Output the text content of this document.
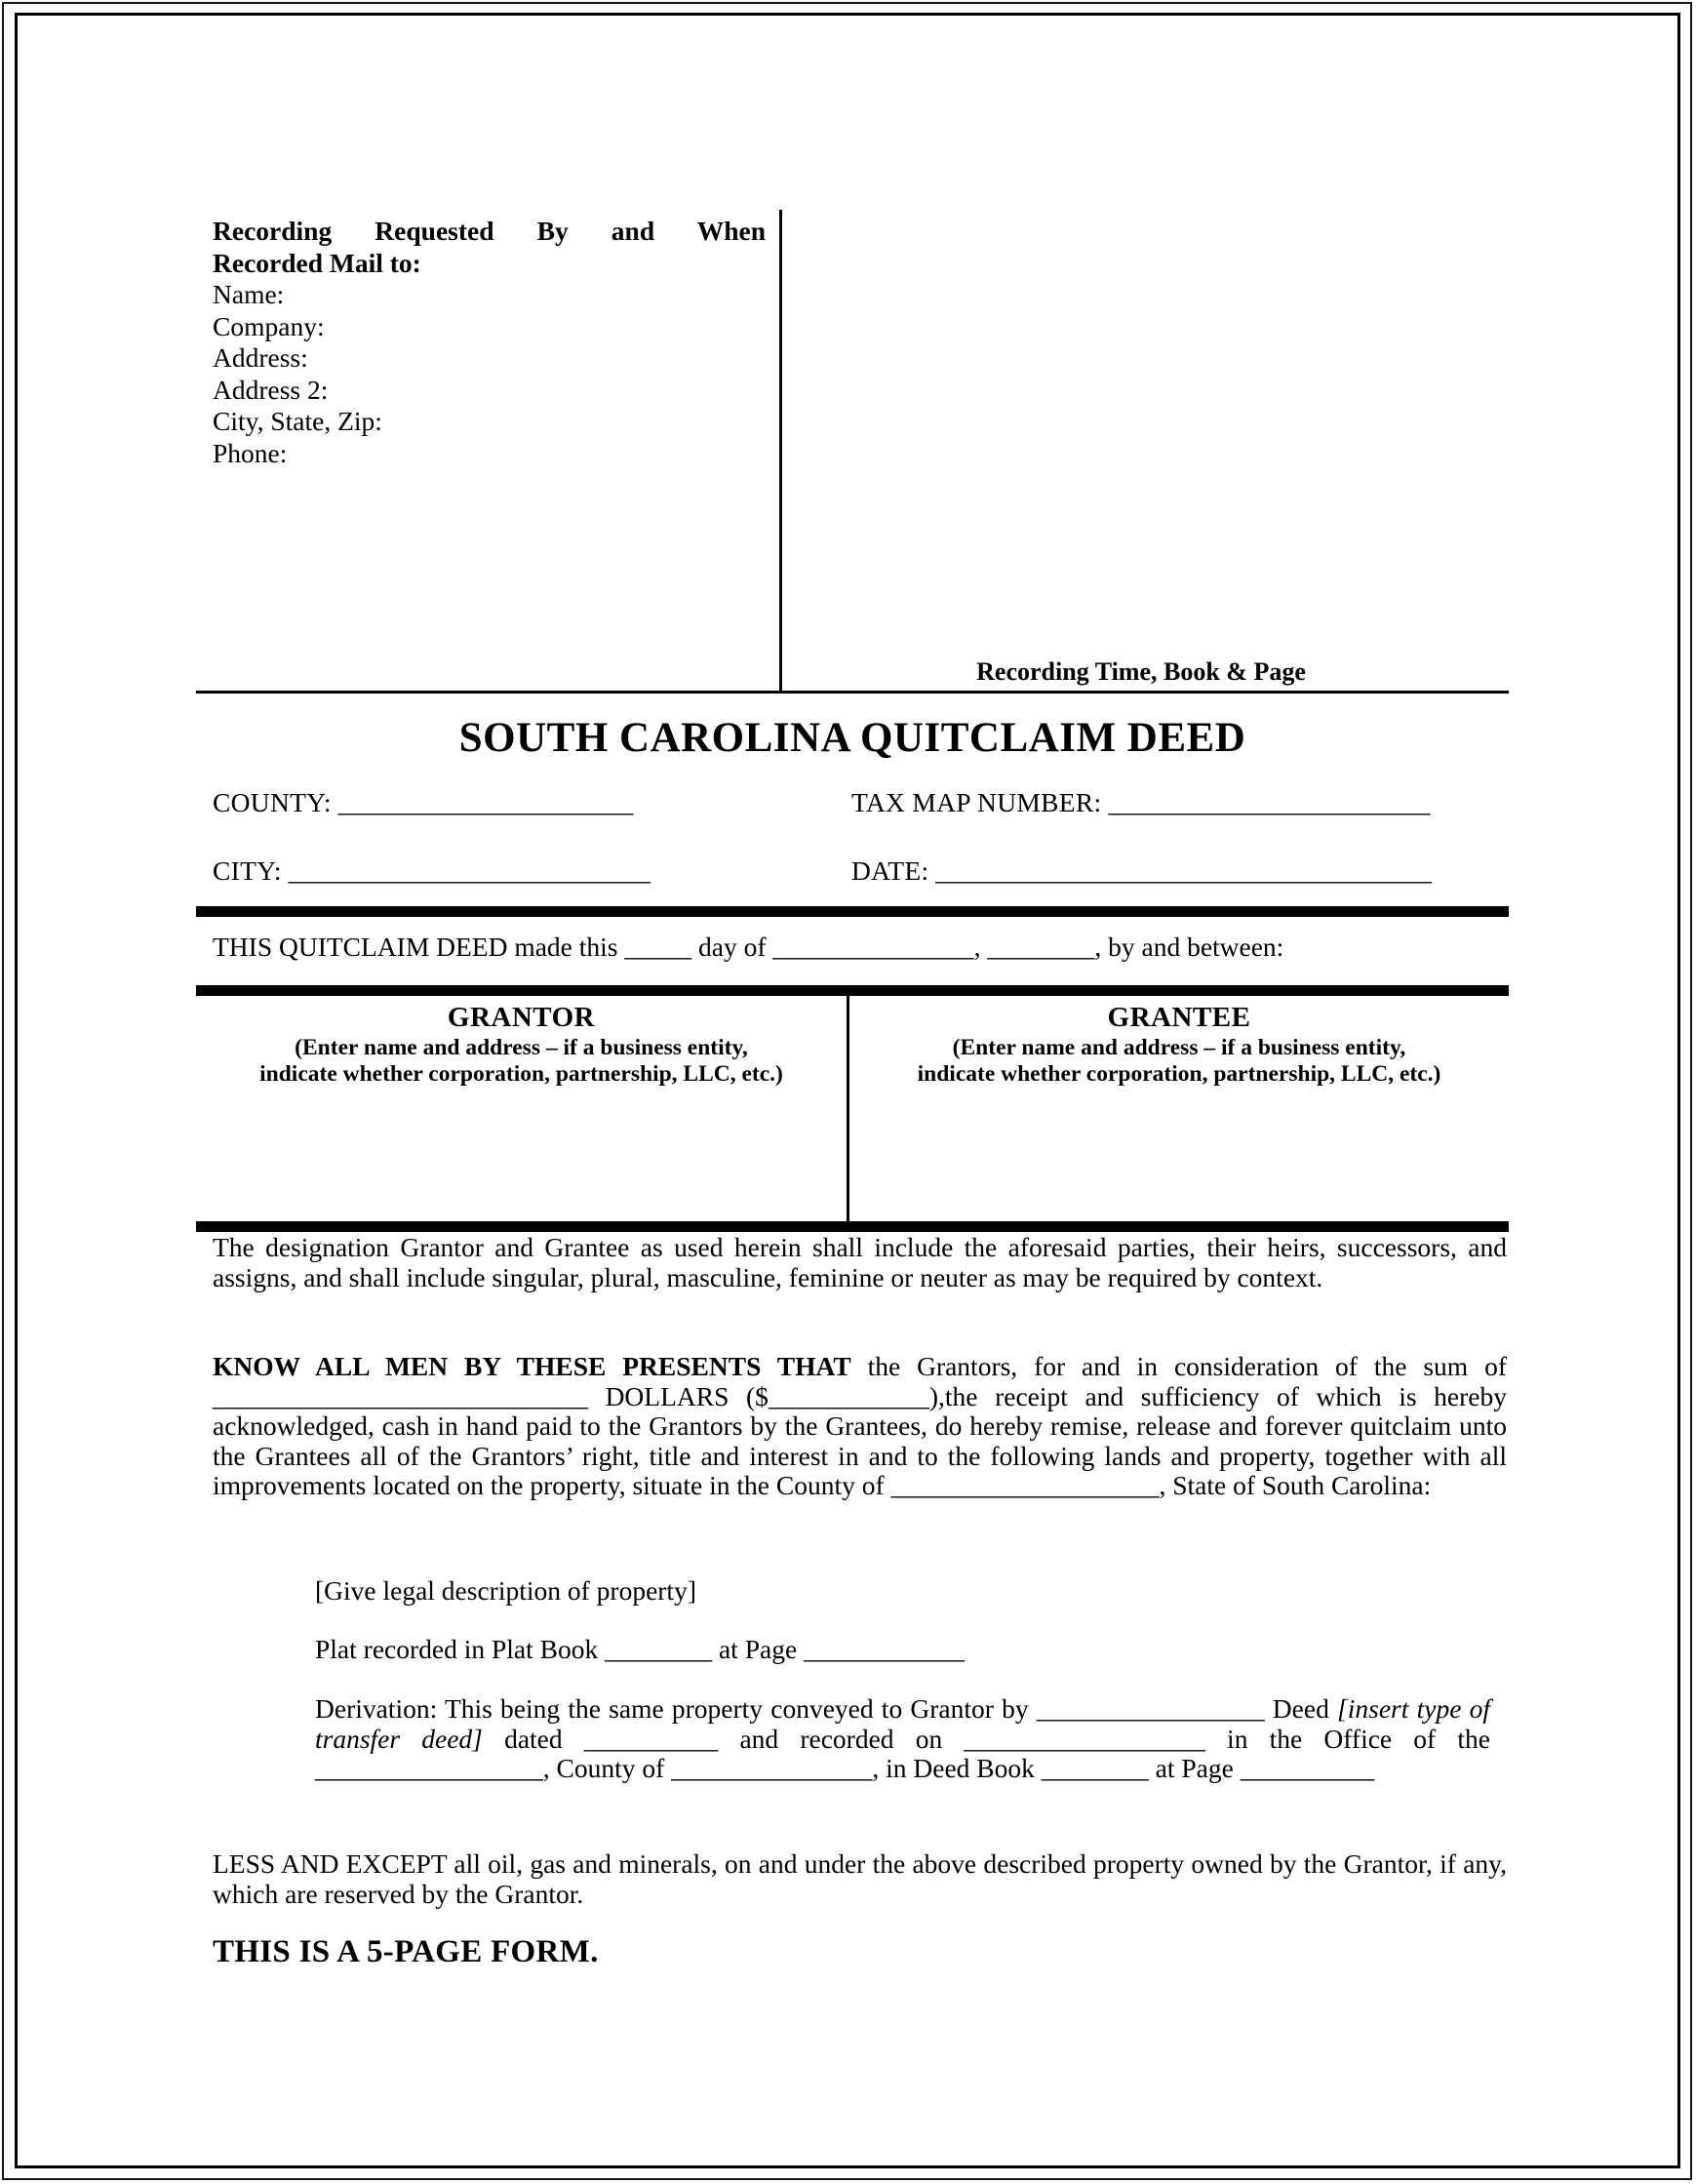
Recording Requested By and When
Recorded Mail to:
Name:
Company:
Address:
Address 2:
City, State, Zip:
Phone:
Recording Time, Book & Page
SOUTH CAROLINA QUITCLAIM DEED
COUNTY: ______________________	TAX MAP NUMBER: ________________________
CITY: ___________________________	DATE: _____________________________________
THIS QUITCLAIM DEED made this _____ day of _______________, ________, by and between:
GRANTOR
(Enter name and address – if a business entity, indicate whether corporation, partnership, LLC, etc.)
GRANTEE
(Enter name and address – if a business entity, indicate whether corporation, partnership, LLC, etc.)
The designation Grantor and Grantee as used herein shall include the aforesaid parties, their heirs, successors, and assigns, and shall include singular, plural, masculine, feminine or neuter as may be required by context.
KNOW ALL MEN BY THESE PRESENTS THAT the Grantors, for and in consideration of the sum of ____________________________ DOLLARS ($____________),the receipt and sufficiency of which is hereby acknowledged, cash in hand paid to the Grantors by the Grantees, do hereby remise, release and forever quitclaim unto the Grantees all of the Grantors’ right, title and interest in and to the following lands and property, together with all improvements located on the property, situate in the County of ____________________, State of South Carolina:
[Give legal description of property]
Plat recorded in Plat Book ________ at Page ____________
Derivation: This being the same property conveyed to Grantor by _________________ Deed [insert type of transfer deed] dated __________ and recorded on __________________ in the Office of the _________________, County of _______________, in Deed Book ________ at Page __________
LESS AND EXCEPT all oil, gas and minerals, on and under the above described property owned by the Grantor, if any, which are reserved by the Grantor.
THIS IS A 5-PAGE FORM.
